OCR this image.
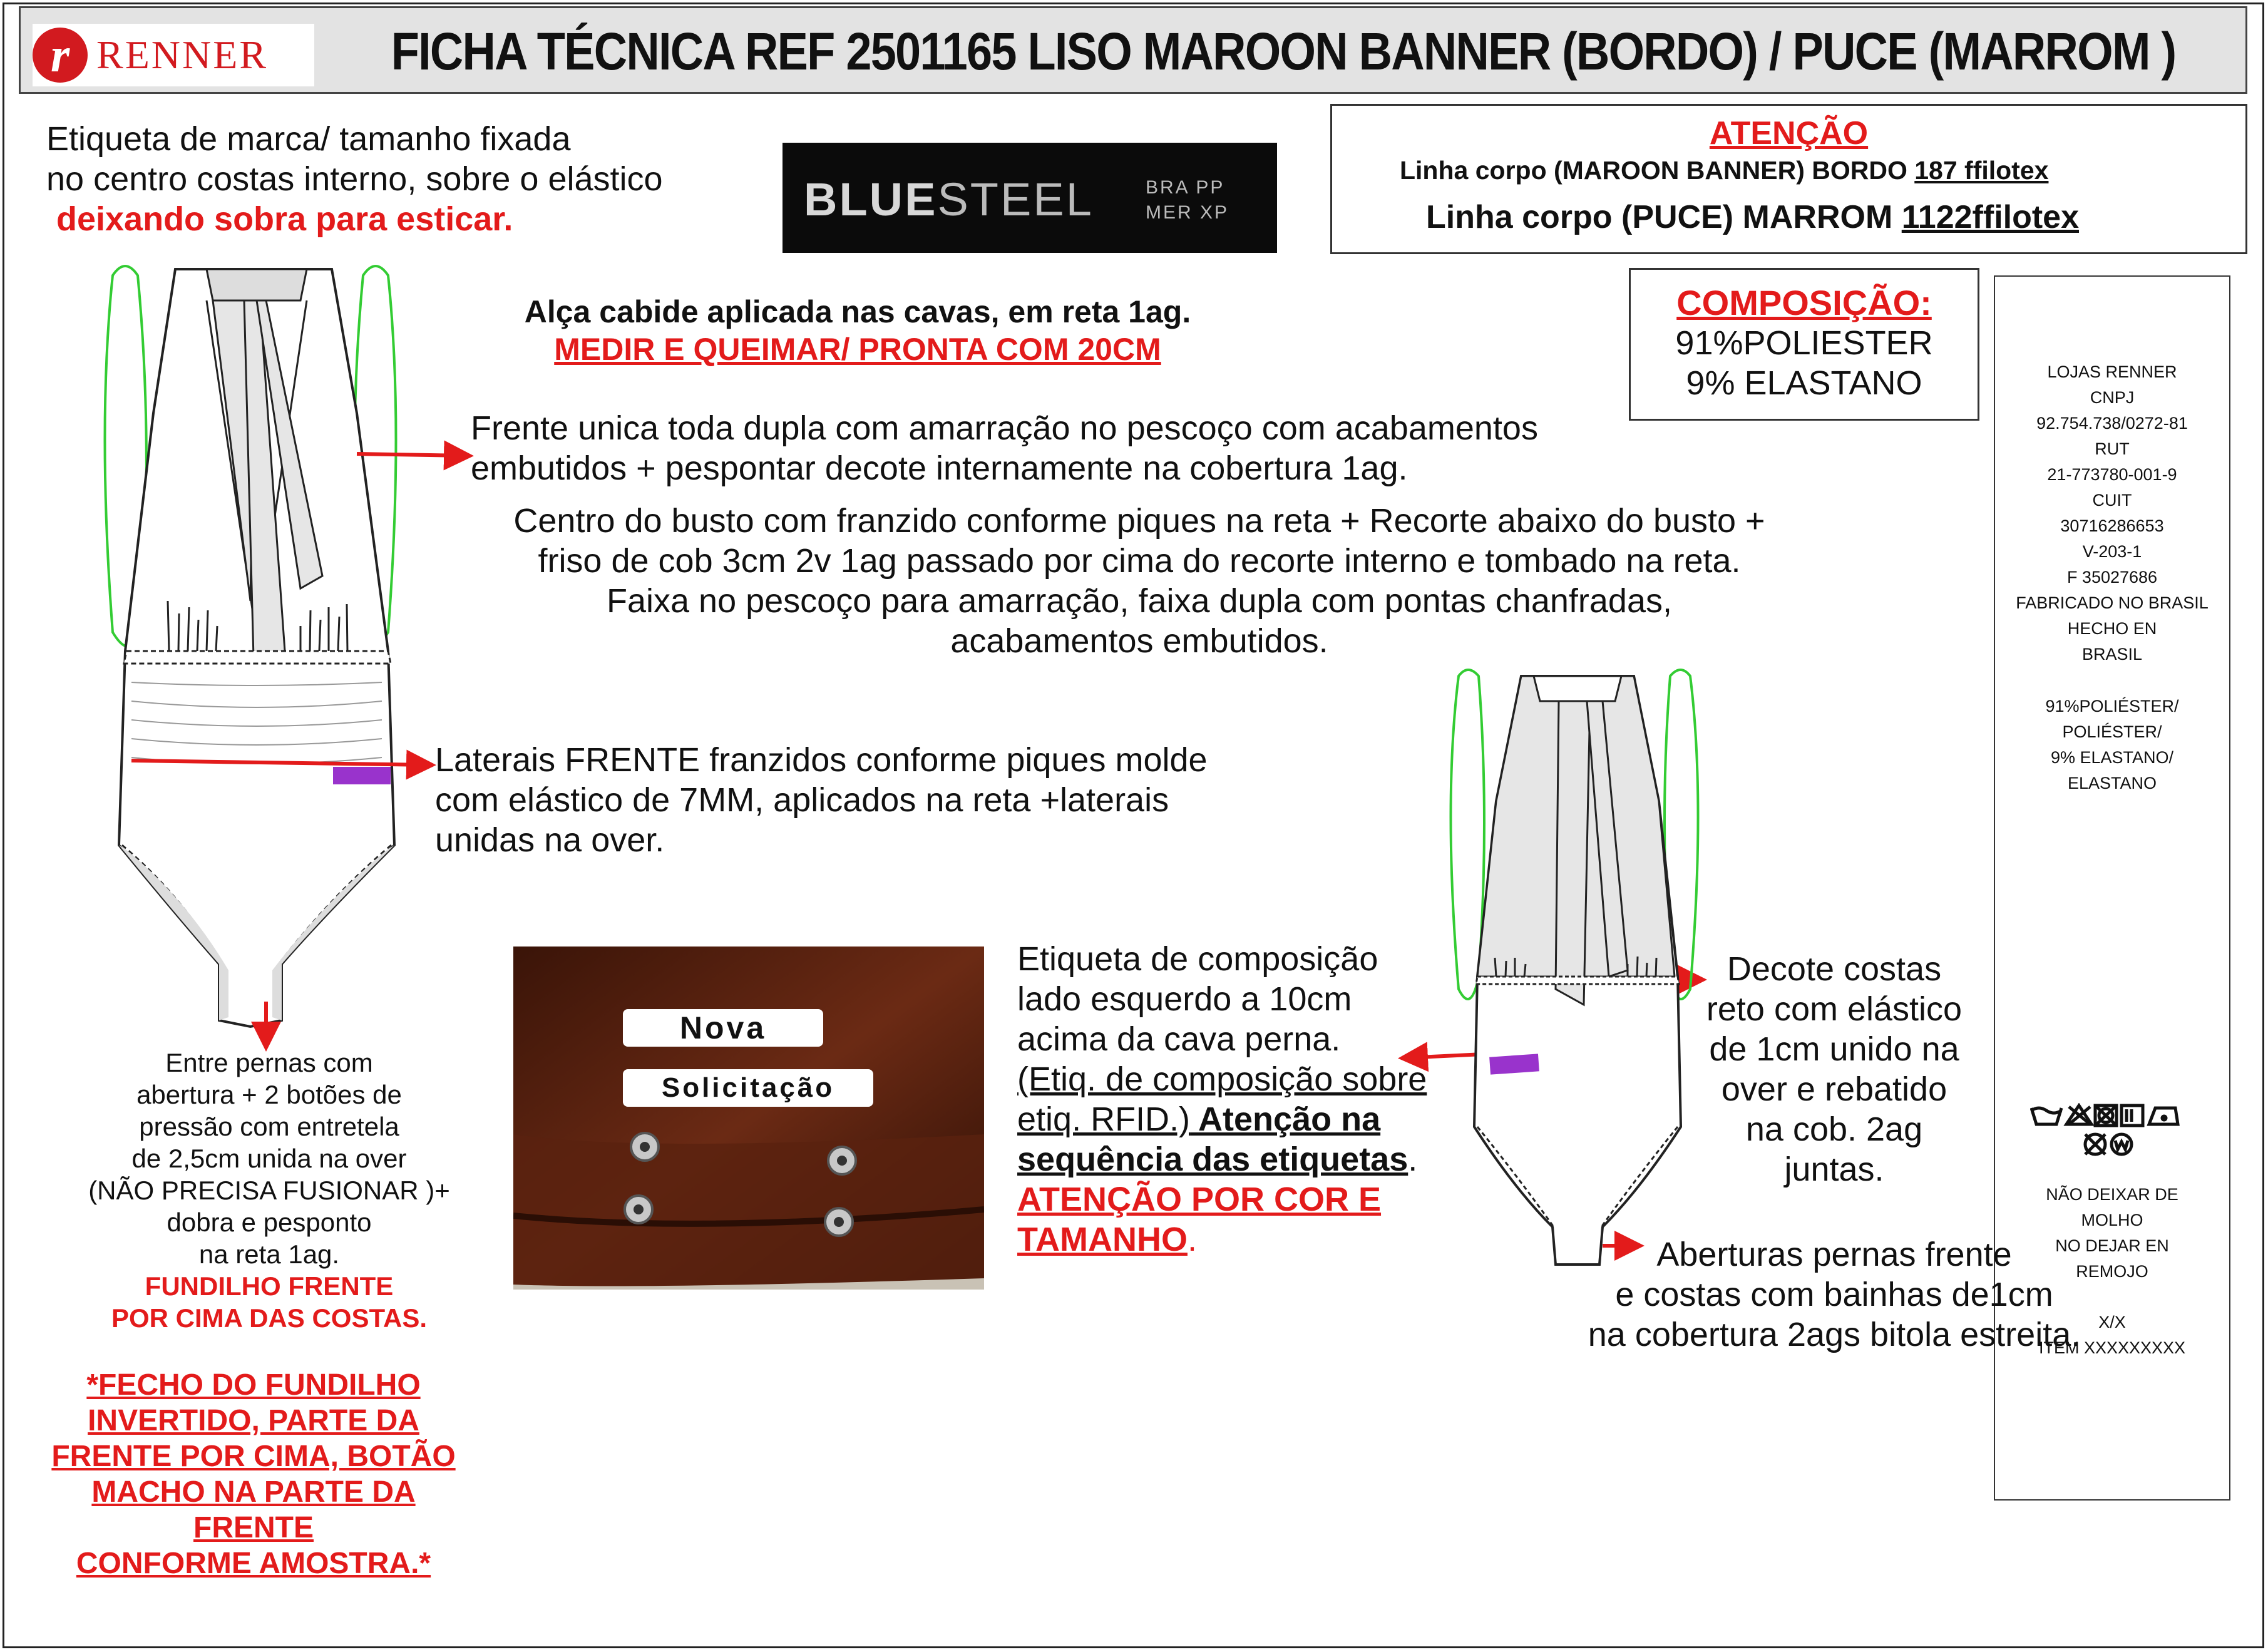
r RENNER FICHA TÉCNICA REF 2501165 LISO MAROON BANNER (BORDO) / PUCE (MARROM )
Etiqueta de marca/ tamanho fixada
no centro costas interno, sobre o elástico
deixando sobra para esticar.	BLUESTEEL	BRA PP
MER XP
ATENÇÃO
Linha corpo (MAROON BANNER) BORDO 187 ffilotex
Linha corpo (PUCE) MARROM 1122ffilotex
COMPOSIÇÃO:
91%POLIESTER
9% ELASTANO	LOJAS RENNER
CNPJ
92.754.738/0272-81
RUT
21-773780-001-9
CUIT
30716286653
V-203-1
F 35027686
FABRICADO NO BRASIL
HECHO EN
BRASIL
91%POLIÉSTER/
POLIÉSTER/
9% ELASTANO/
ELASTANO
NÃO DEIXAR DE
MOLHO
NO DEJAR EN
REMOJO
X/X
ITEM XXXXXXXXX
Alça cabide aplicada nas cavas, em reta 1ag.
MEDIR E QUEIMAR/ PRONTA COM 20CM
Frente unica toda dupla com amarração no pescoço com acabamentos
embutidos + pespontar decote internamente na cobertura 1ag.
Centro do busto com franzido conforme piques na reta + Recorte abaixo do busto +
friso de cob 3cm 2v 1ag passado por cima do recorte interno e tombado na reta.
Faixa no pescoço para amarração, faixa dupla com pontas chanfradas,
acabamentos embutidos.
Laterais FRENTE franzidos conforme piques molde
com elástico de 7MM, aplicados na reta +laterais
unidas na over.
Entre pernas com
abertura + 2 botões de
pressão com entretela
de 2,5cm unida na over
(NÃO PRECISA FUSIONAR )+
dobra e pesponto
na reta 1ag.
FUNDILHO FRENTE
POR CIMA DAS COSTAS.
*FECHO DO FUNDILHO
INVERTIDO, PARTE DA
FRENTE POR CIMA, BOTÃO
MACHO NA PARTE DA
FRENTE
CONFORME AMOSTRA.*
Nova
Solicitação
Etiqueta de composição
lado esquerdo a 10cm
acima da cava perna.
(Etiq. de composição sobre
etiq. RFID.) Atenção na
sequência das etiquetas.
ATENÇÃO POR COR E
TAMANHO.
Decote costas
reto com elástico
de 1cm unido na
over e rebatido
na cob. 2ag
juntas.
Aberturas pernas frente
e costas com bainhas de1cm
na cobertura 2ags bitola estreita.
